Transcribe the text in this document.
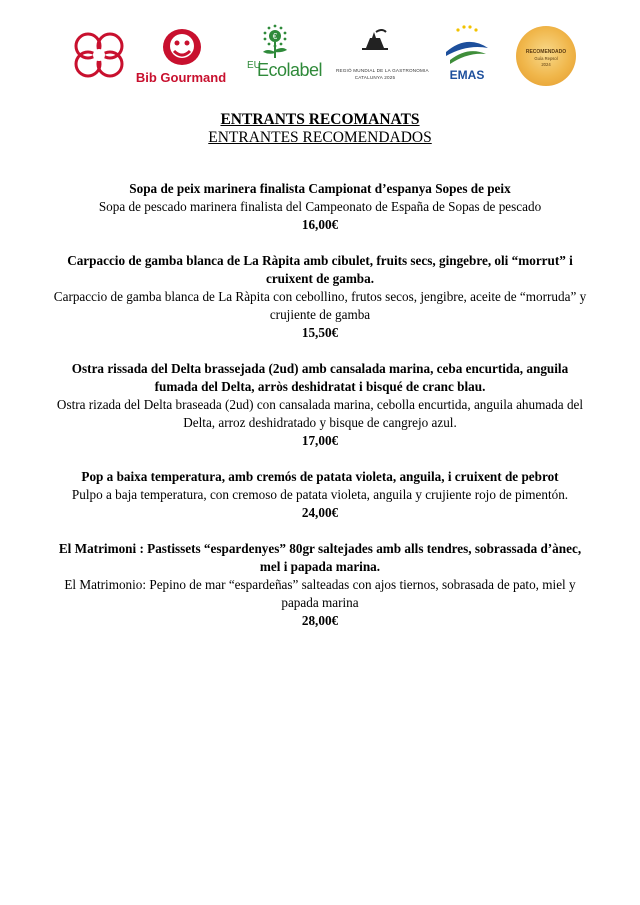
Bib Gourmand
€
EU
Ecolabel	REGIÓ MUNDIAL DE LA GASTRONOMIA
CATALUNYA 2025	EMAS
RECOMENDADO
Guía Repsol
2024
ENTRANTS RECOMANATS
ENTRANTES RECOMENDADOS
Sopa de peix marinera finalista Campionat d’espanya Sopes de peix
Sopa de pescado marinera finalista del Campeonato de España de Sopas de pescado
16,00€
Carpaccio de gamba blanca de La Ràpita amb cibulet, fruits secs, gingebre, oli “morrut” i cruixent de gamba.
Carpaccio de gamba blanca de La Ràpita con cebollino, frutos secos, jengibre, aceite de “morruda” y crujiente de gamba
15,50€
Ostra rissada del Delta brassejada (2ud) amb cansalada marina, ceba encurtida, anguila fumada del Delta, arròs deshidratat i bisqué de cranc blau.
Ostra rizada del Delta braseada (2ud) con cansalada marina, cebolla encurtida, anguila ahumada del Delta, arroz deshidratado y bisque de cangrejo azul.
17,00€
Pop a baixa temperatura, amb cremós de patata violeta, anguila, i cruixent de pebrot
Pulpo a baja temperatura, con cremoso de patata violeta, anguila y crujiente rojo de pimentón.
24,00€
El Matrimoni : Pastissets “espardenyes” 80gr saltejades amb alls tendres, sobrassada d’ànec, mel i papada marina.
El Matrimonio: Pepino de mar “espardeñas” salteadas con ajos tiernos, sobrasada de pato, miel y papada marina
28,00€
